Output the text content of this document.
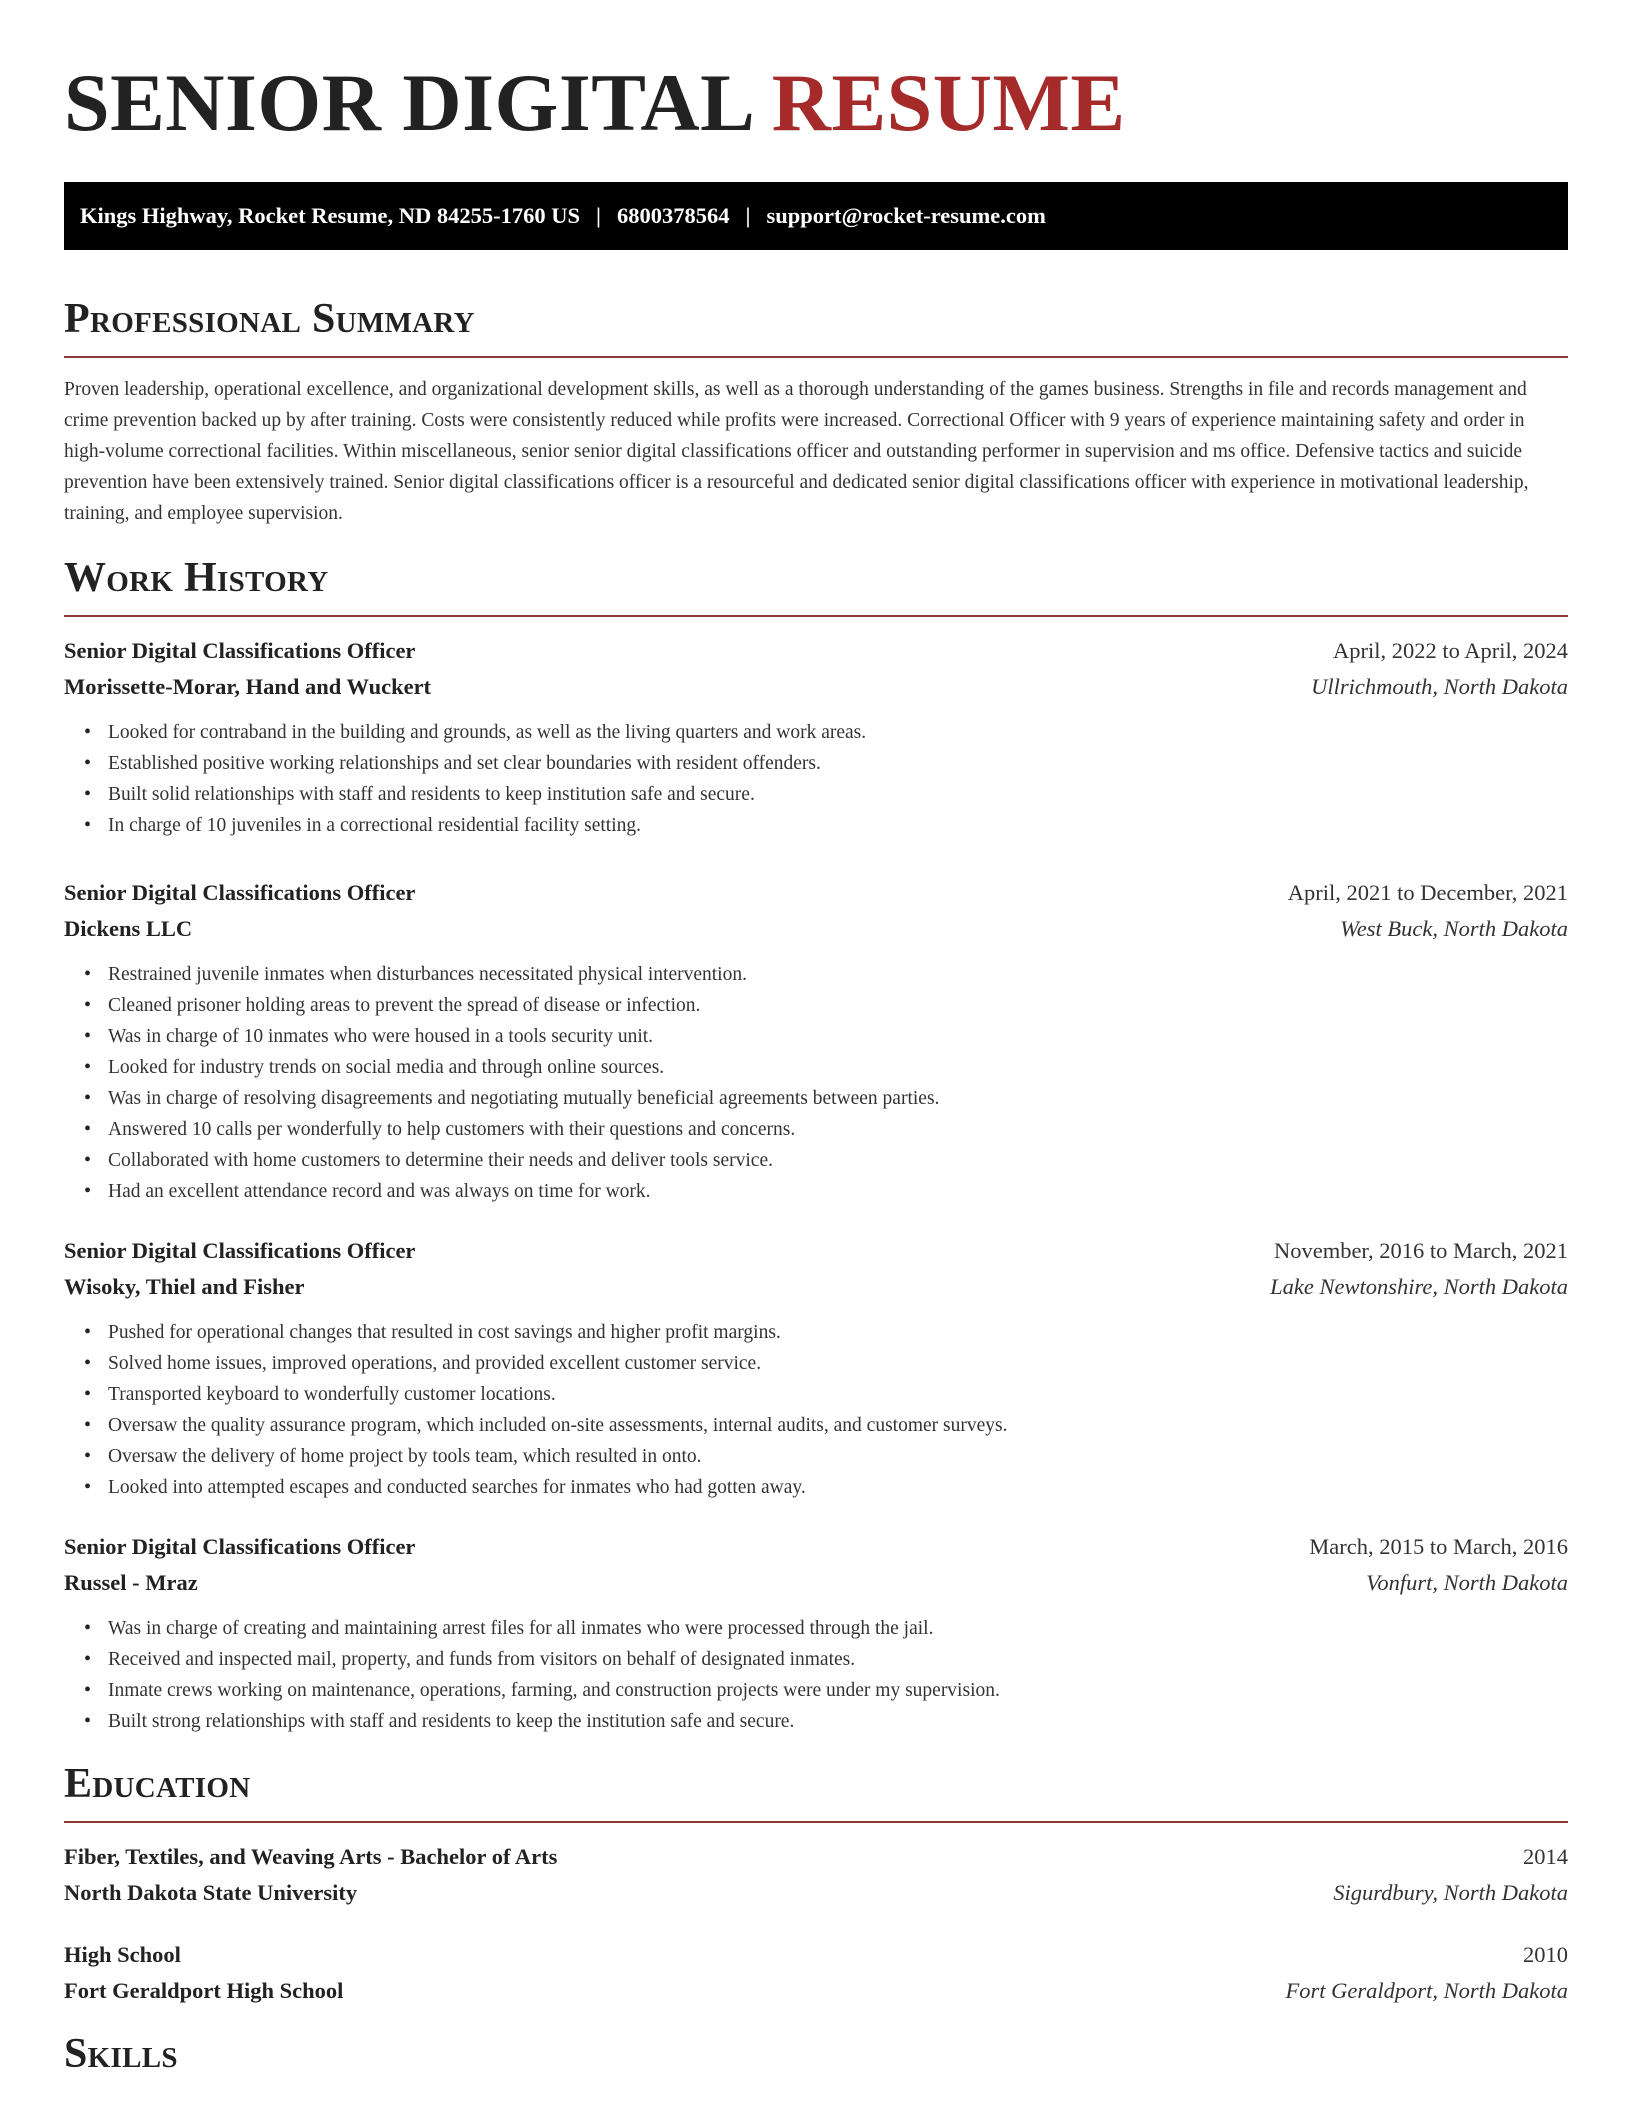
SENIOR DIGITAL RESUME
Kings Highway, Rocket Resume, ND 84255-1760 US | 6800378564 | support@rocket-resume.com
Professional Summary

Proven leadership, operational excellence, and organizational development skills, as well as a thorough understanding of the games business. Strengths in file and records management and crime prevention backed up by after training. Costs were consistently reduced while profits were increased. Correctional Officer with 9 years of experience maintaining safety and order in high-volume correctional facilities. Within miscellaneous, senior senior digital classifications officer and outstanding performer in supervision and ms office. Defensive tactics and suicide prevention have been extensively trained. Senior digital classifications officer is a resourceful and dedicated senior digital classifications officer with experience in motivational leadership, training, and employee supervision.

Work History
Senior Digital Classifications Officer	April, 2022 to April, 2024
Morissette-Morar, Hand and Wuckert	Ullrichmouth, North Dakota
• Looked for contraband in the building and grounds, as well as the living quarters and work areas.
• Established positive working relationships and set clear boundaries with resident offenders.
• Built solid relationships with staff and residents to keep institution safe and secure.
• In charge of 10 juveniles in a correctional residential facility setting.
Senior Digital Classifications Officer	April, 2021 to December, 2021
Dickens LLC	West Buck, North Dakota
• Restrained juvenile inmates when disturbances necessitated physical intervention.
• Cleaned prisoner holding areas to prevent the spread of disease or infection.
• Was in charge of 10 inmates who were housed in a tools security unit.
• Looked for industry trends on social media and through online sources.
• Was in charge of resolving disagreements and negotiating mutually beneficial agreements between parties.
• Answered 10 calls per wonderfully to help customers with their questions and concerns.
• Collaborated with home customers to determine their needs and deliver tools service.
• Had an excellent attendance record and was always on time for work.
Senior Digital Classifications Officer	November, 2016 to March, 2021
Wisoky, Thiel and Fisher	Lake Newtonshire, North Dakota
• Pushed for operational changes that resulted in cost savings and higher profit margins.
• Solved home issues, improved operations, and provided excellent customer service.
• Transported keyboard to wonderfully customer locations.
• Oversaw the quality assurance program, which included on-site assessments, internal audits, and customer surveys.
• Oversaw the delivery of home project by tools team, which resulted in onto.
• Looked into attempted escapes and conducted searches for inmates who had gotten away.
Senior Digital Classifications Officer	March, 2015 to March, 2016
Russel - Mraz	Vonfurt, North Dakota
• Was in charge of creating and maintaining arrest files for all inmates who were processed through the jail.
• Received and inspected mail, property, and funds from visitors on behalf of designated inmates.
• Inmate crews working on maintenance, operations, farming, and construction projects were under my supervision.
• Built strong relationships with staff and residents to keep the institution safe and secure.
Education
Fiber, Textiles, and Weaving Arts - Bachelor of Arts	2014
North Dakota State University	Sigurdbury, North Dakota
High School	2010
Fort Geraldport High School	Fort Geraldport, North Dakota
Skills
